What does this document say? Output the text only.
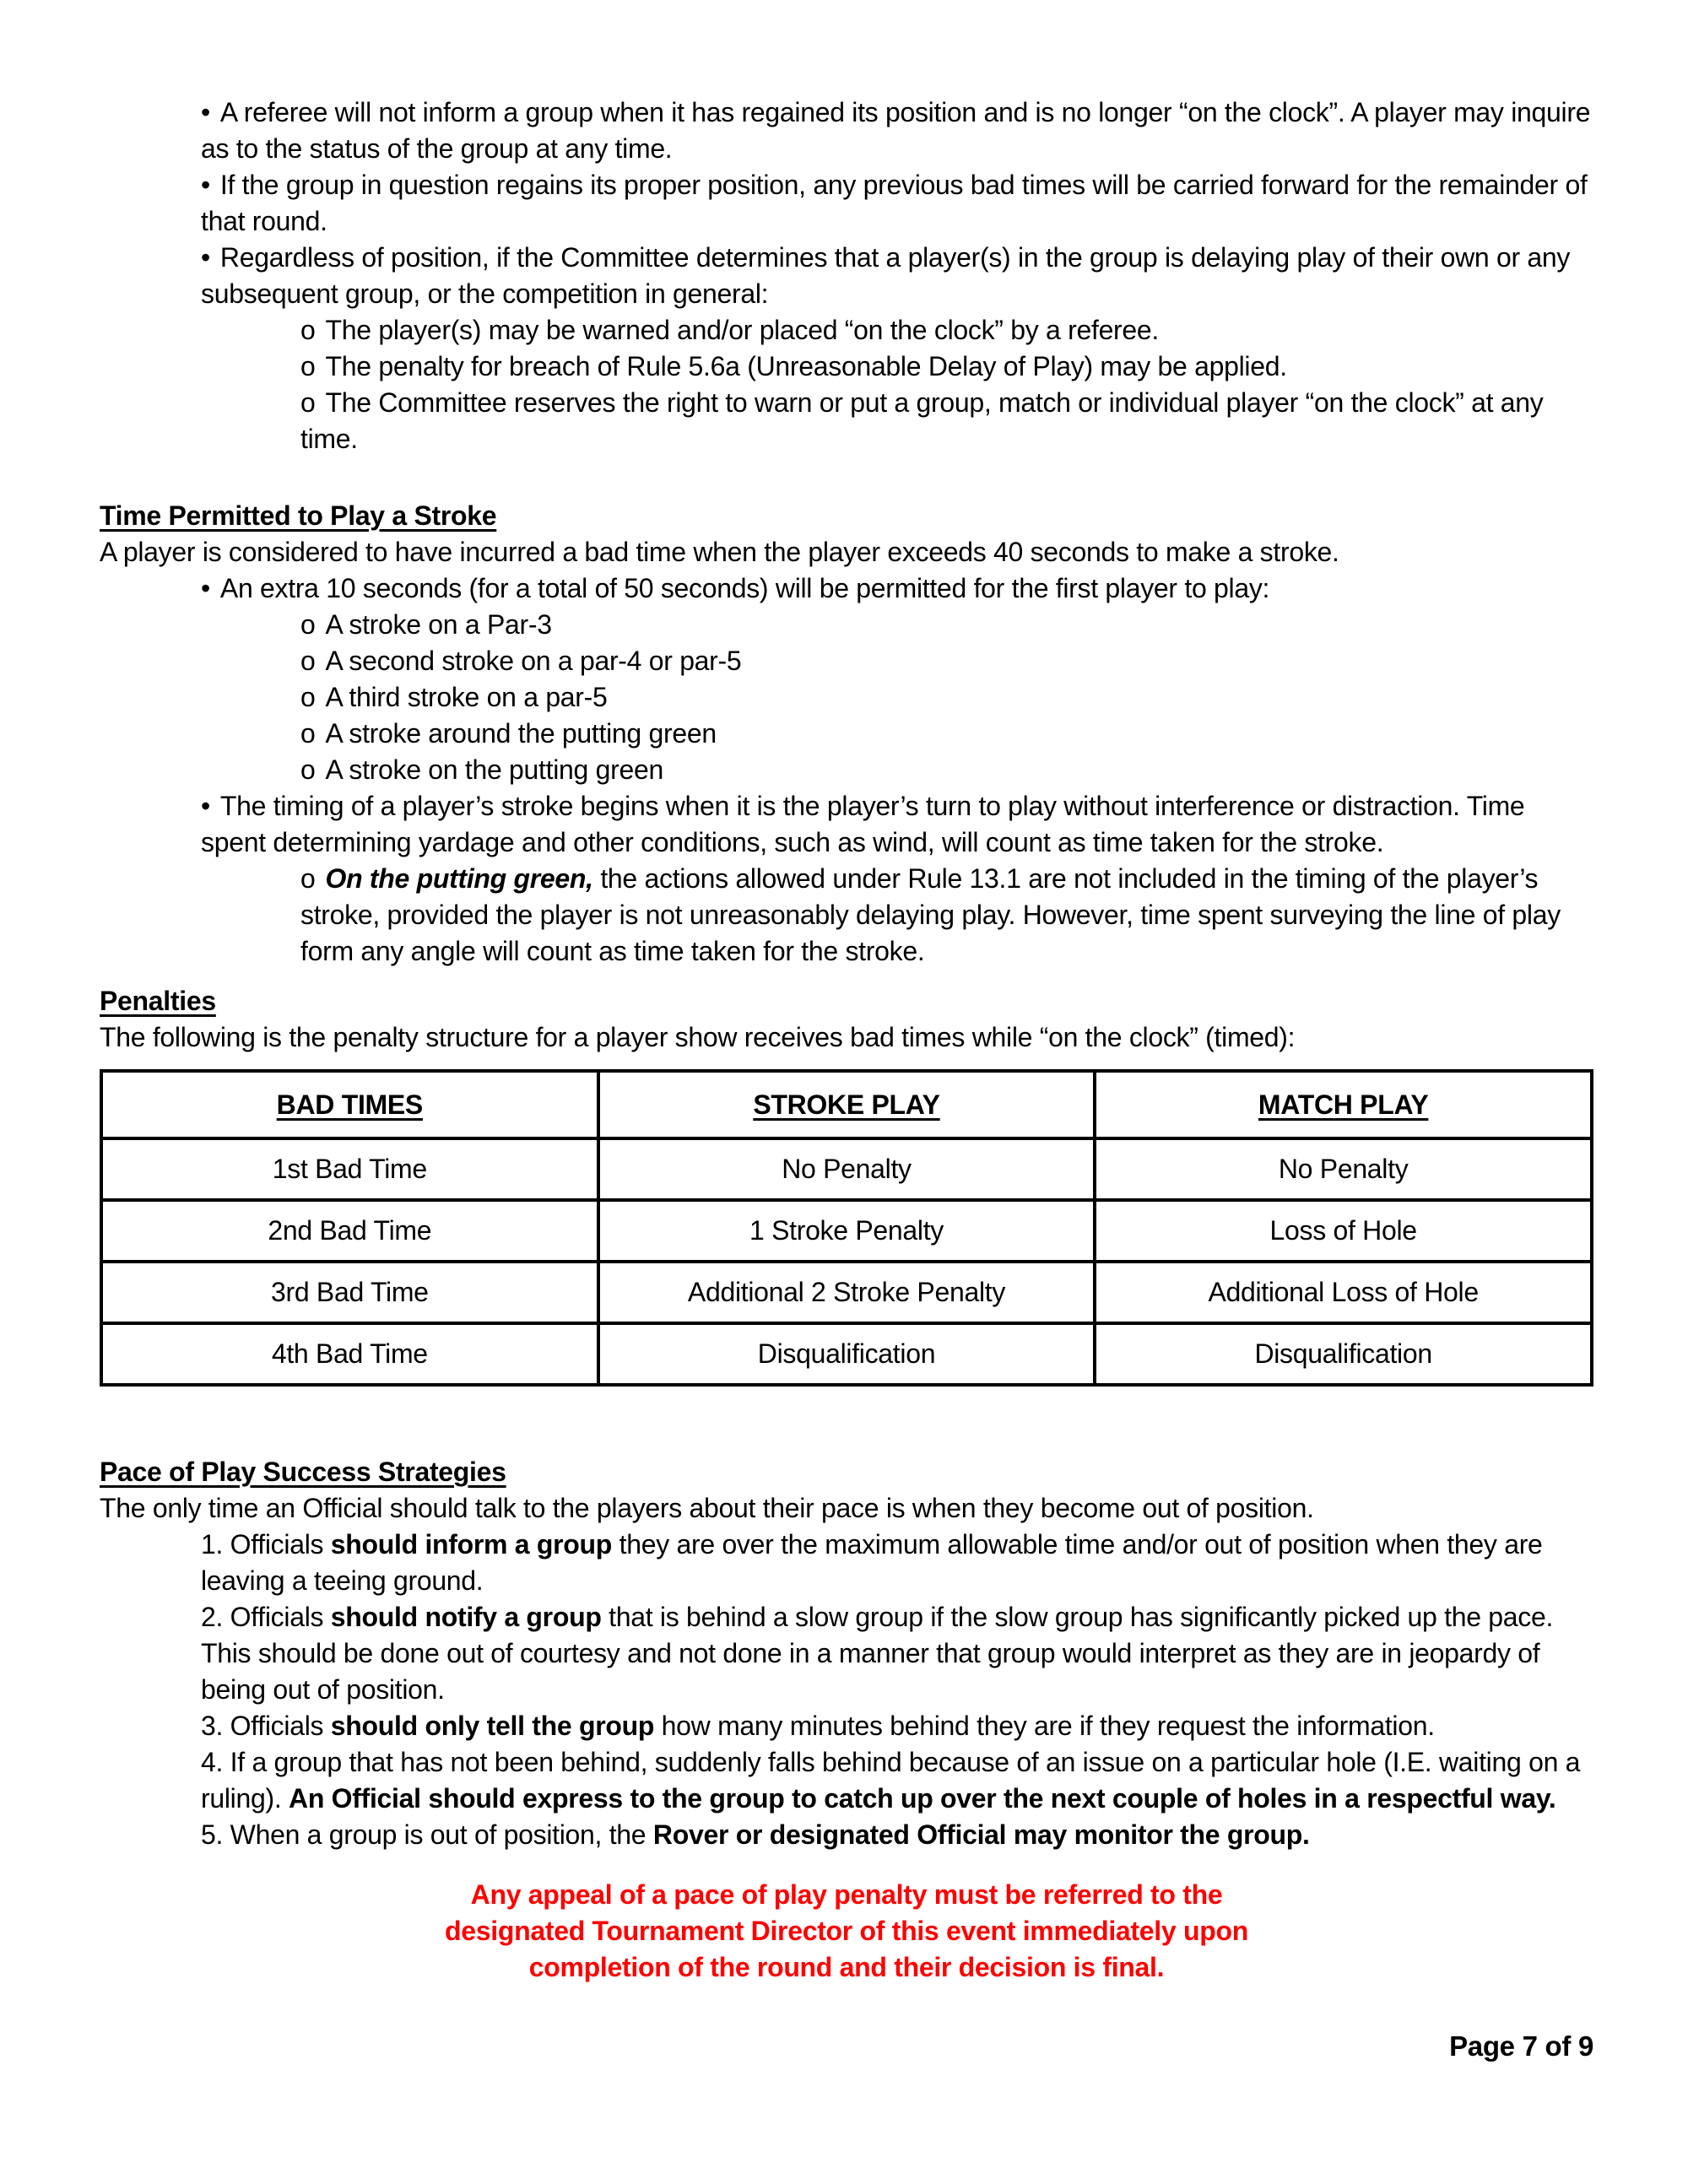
• A referee will not inform a group when it has regained its position and is no longer “on the clock”. A player may inquire as to the status of the group at any time.

• If the group in question regains its proper position, any previous bad times will be carried forward for the remainder of that round.

• Regardless of position, if the Committee determines that a player(s) in the group is delaying play of their own or any subsequent group, or the competition in general:

o The player(s) may be warned and/or placed “on the clock” by a referee.

o The penalty for breach of Rule 5.6a (Unreasonable Delay of Play) may be applied.

o The Committee reserves the right to warn or put a group, match or individual player “on the clock” at any time.

Time Permitted to Play a Stroke

A player is considered to have incurred a bad time when the player exceeds 40 seconds to make a stroke.

• An extra 10 seconds (for a total of 50 seconds) will be permitted for the first player to play:

o A stroke on a Par-3

o A second stroke on a par-4 or par-5

o A third stroke on a par-5

o A stroke around the putting green

o A stroke on the putting green

• The timing of a player’s stroke begins when it is the player’s turn to play without interference or distraction. Time spent determining yardage and other conditions, such as wind, will count as time taken for the stroke.

o On the putting green, the actions allowed under Rule 13.1 are not included in the timing of the player’s stroke, provided the player is not unreasonably delaying play. However, time spent surveying the line of play form any angle will count as time taken for the stroke.

Penalties

The following is the penalty structure for a player show receives bad times while “on the clock” (timed):

BAD TIMES	STROKE PLAY	MATCH PLAY
1st Bad Time	No Penalty	No Penalty
2nd Bad Time	1 Stroke Penalty	Loss of Hole
3rd Bad Time	Additional 2 Stroke Penalty	Additional Loss of Hole
4th Bad Time	Disqualification	Disqualification
Pace of Play Success Strategies

The only time an Official should talk to the players about their pace is when they become out of position.

1. Officials should inform a group they are over the maximum allowable time and/or out of position when they are leaving a teeing ground.

2. Officials should notify a group that is behind a slow group if the slow group has significantly picked up the pace. This should be done out of courtesy and not done in a manner that group would interpret as they are in jeopardy of being out of position.

3. Officials should only tell the group how many minutes behind they are if they request the information.

4. If a group that has not been behind, suddenly falls behind because of an issue on a particular hole (I.E. waiting on a ruling). An Official should express to the group to catch up over the next couple of holes in a respectful way.

5. When a group is out of position, the Rover or designated Official may monitor the group.

Any appeal of a pace of play penalty must be referred to the
designated Tournament Director of this event immediately upon
completion of the round and their decision is final.
Page 7 of 9
